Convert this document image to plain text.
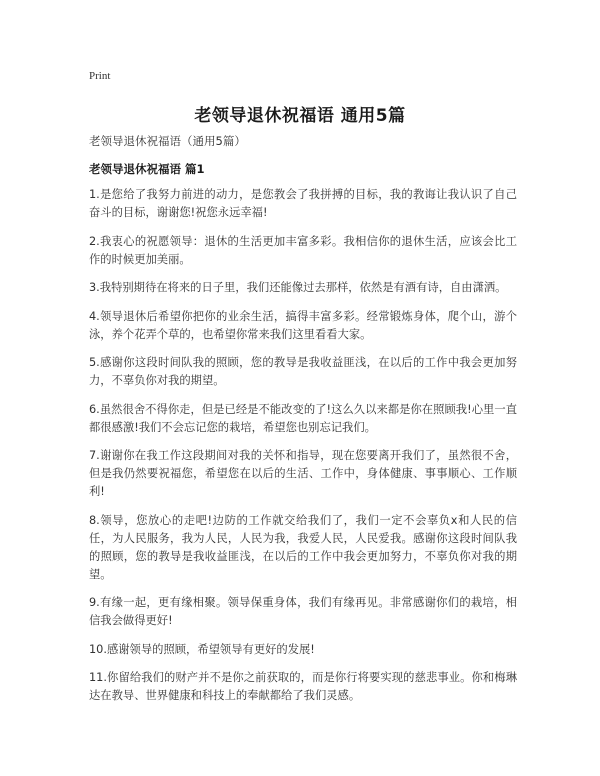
Print
老领导退休祝福语 通用5篇

老领导退休祝福语（通用5篇）

老领导退休祝福语 篇1

1.是您给了我努力前进的动力，是您教会了我拼搏的目标，我的教诲让我认识了自己奋斗的目标，谢谢您!祝您永远幸福!

2.我衷心的祝愿领导：退休的生活更加丰富多彩。我相信你的退休生活，应该会比工作的时候更加美丽。

3.我特别期待在将来的日子里，我们还能像过去那样，依然是有酒有诗，自由潇洒。

4.领导退休后希望你把你的业余生活，搞得丰富多彩。经常锻炼身体，爬个山，游个泳，养个花弄个草的，也希望你常来我们这里看看大家。

5.感谢你这段时间队我的照顾，您的教导是我收益匪浅，在以后的工作中我会更加努力，不辜负你对我的期望。

6.虽然很舍不得你走，但是已经是不能改变的了!这么久以来都是你在照顾我!心里一直都很感激!我们不会忘记您的栽培，希望您也别忘记我们。

7.谢谢你在我工作这段期间对我的关怀和指导，现在您要离开我们了，虽然很不舍，但是我仍然要祝福您，希望您在以后的生活、工作中，身体健康、事事顺心、工作顺利!

8.领导，您放心的走吧!边防的工作就交给我们了，我们一定不会辜负x和人民的信任，为人民服务，我为人民，人民为我，我爱人民，人民爱我。感谢你这段时间队我的照顾，您的教导是我收益匪浅，在以后的工作中我会更加努力，不辜负你对我的期望。

9.有缘一起，更有缘相聚。领导保重身体，我们有缘再见。非常感谢你们的栽培，相信我会做得更好!

10.感谢领导的照顾，希望领导有更好的发展!

11.你留给我们的财产并不是你之前获取的，而是你行将要实现的慈悲事业。你和梅琳达在教导、世界健康和科技上的奉献都给了我们灵感。
